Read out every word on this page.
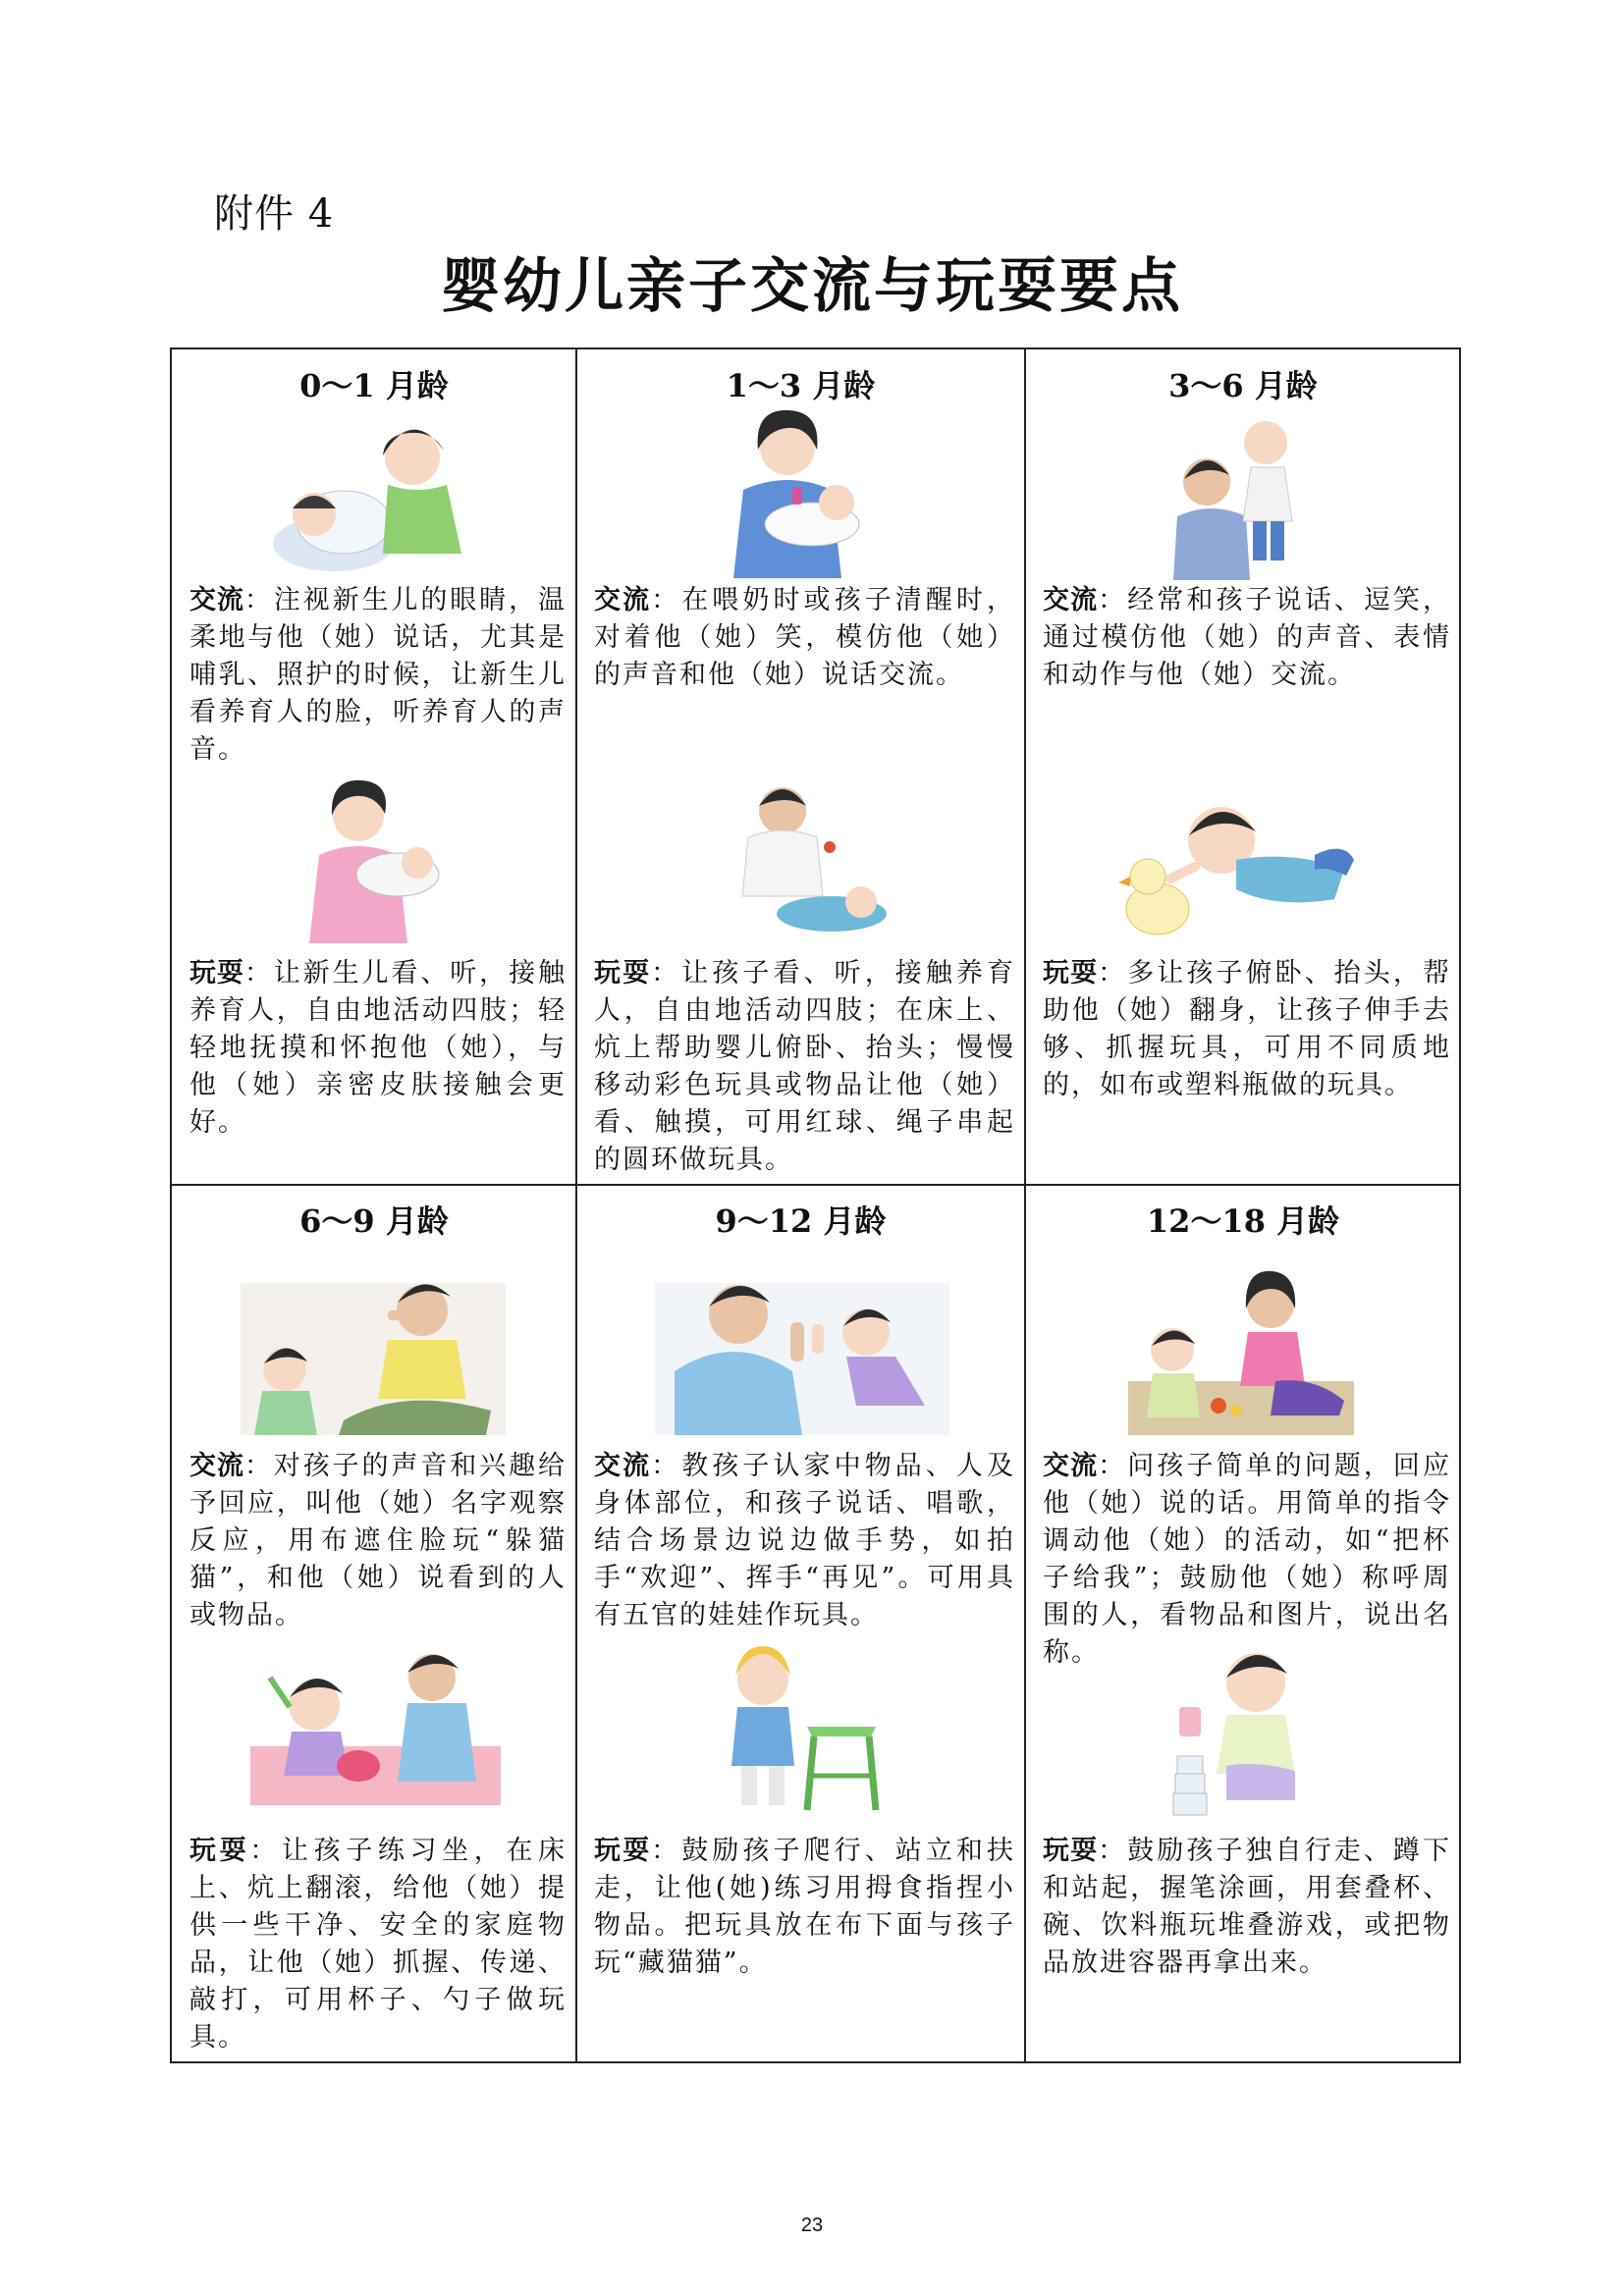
附件 4
婴幼儿亲子交流与玩耍要点
0～1 月龄
交流：注视新生儿的眼睛，温柔地与他（她）说话，尤其是哺乳、照护的时候，让新生儿看养育人的脸，听养育人的声音。
玩耍：让新生儿看、听，接触养育人，自由地活动四肢；轻轻地抚摸和怀抱他（她），与他（她）亲密皮肤接触会更好。
1～3 月龄
交流：在喂奶时或孩子清醒时，对着他（她）笑，模仿他（她）的声音和他（她）说话交流。
玩耍：让孩子看、听，接触养育人，自由地活动四肢；在床上、炕上帮助婴儿俯卧、抬头；慢慢移动彩色玩具或物品让他（她）看、触摸，可用红球、绳子串起的圆环做玩具。
3～6 月龄
交流：经常和孩子说话、逗笑，通过模仿他（她）的声音、表情和动作与他（她）交流。
玩耍：多让孩子俯卧、抬头，帮助他（她）翻身，让孩子伸手去够、抓握玩具，可用不同质地的，如布或塑料瓶做的玩具。
6～9 月龄
交流：对孩子的声音和兴趣给予回应，叫他（她）名字观察反应，用布遮住脸玩“躲猫猫”，和他（她）说看到的人或物品。
玩耍：让孩子练习坐，在床上、炕上翻滚，给他（她）提供一些干净、安全的家庭物品，让他（她）抓握、传递、敲打，可用杯子、勺子做玩具。
9～12 月龄
交流：教孩子认家中物品、人及身体部位，和孩子说话、唱歌，结合场景边说边做手势，如拍手“欢迎”、挥手“再见”。可用具有五官的娃娃作玩具。
玩耍：鼓励孩子爬行、站立和扶走，让他(她)练习用拇食指捏小物品。把玩具放在布下面与孩子玩“藏猫猫”。
12～18 月龄
交流：问孩子简单的问题，回应他（她）说的话。用简单的指令调动他（她）的活动，如“把杯子给我”；鼓励他（她）称呼周围的人，看物品和图片，说出名称。
玩耍：鼓励孩子独自行走、蹲下和站起，握笔涂画，用套叠杯、碗、饮料瓶玩堆叠游戏，或把物品放进容器再拿出来。
23
